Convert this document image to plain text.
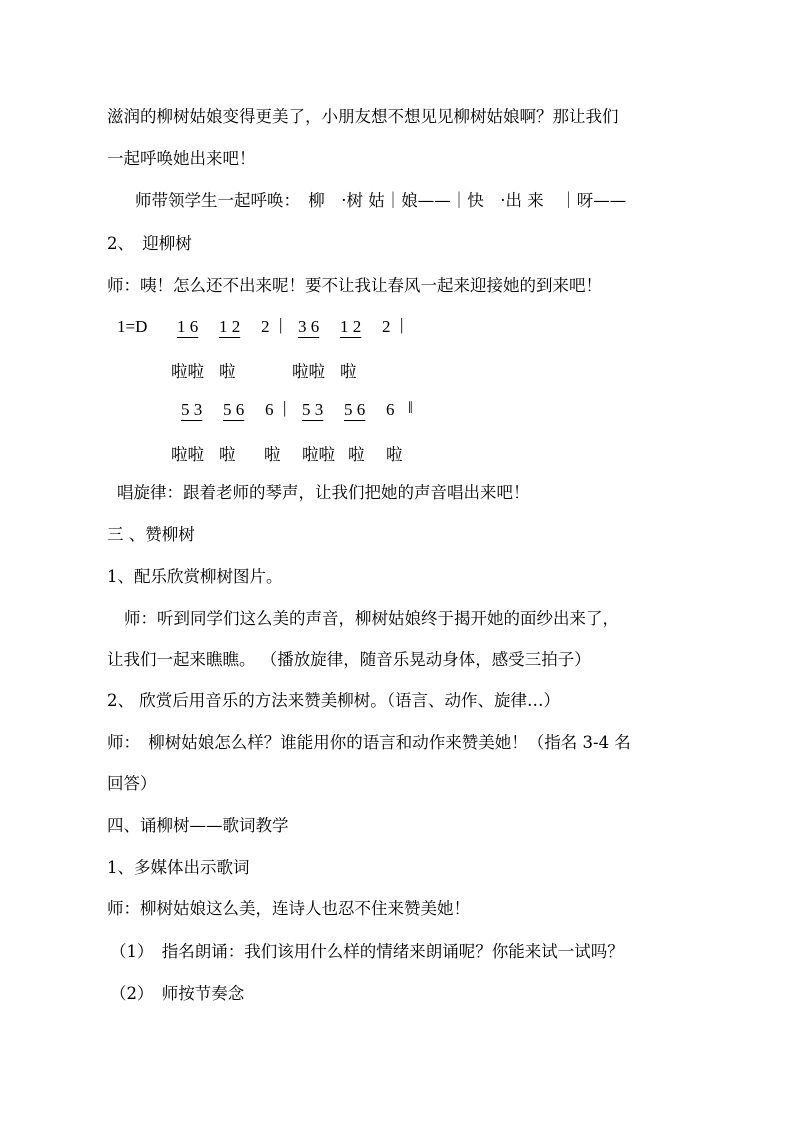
滋润的柳树姑娘变得更美了，小朋友想不想见见柳树姑娘啊？那让我们
一起呼唤她出来吧！
师带领学生一起呼唤：　柳　·树 姑｜娘——｜快　·出 来　｜呀——
2、　迎柳树
师：咦！怎么还不出来呢！要不让我让春风一起来迎接她的到来吧！
1=D 1 6 1 2 2 | 3 6 1 2 2 |
啦啦 啦	啦啦 啦
5 3 5 6 6 | 5 3 5 6 6 ‖
啦啦 啦 啦 啦啦 啦 啦
唱旋律：跟着老师的琴声，让我们把她的声音唱出来吧！
三 、赞柳树
1、配乐欣赏柳树图片。
师：听到同学们这么美的声音，柳树姑娘终于揭开她的面纱出来了，
让我们一起来瞧瞧。 （播放旋律，随音乐晃动身体，感受三拍子）
2、 欣赏后用音乐的方法来赞美柳树。（语言、动作、旋律…）
师：　柳树姑娘怎么样？谁能用你的语言和动作来赞美她！（指名 3-4 名
回答）
四、诵柳树——歌词教学
1、多媒体出示歌词
师：柳树姑娘这么美，连诗人也忍不住来赞美她！
（1）　指名朗诵：我们该用什么样的情绪来朗诵呢？你能来试一试吗？
（2）　师按节奏念
